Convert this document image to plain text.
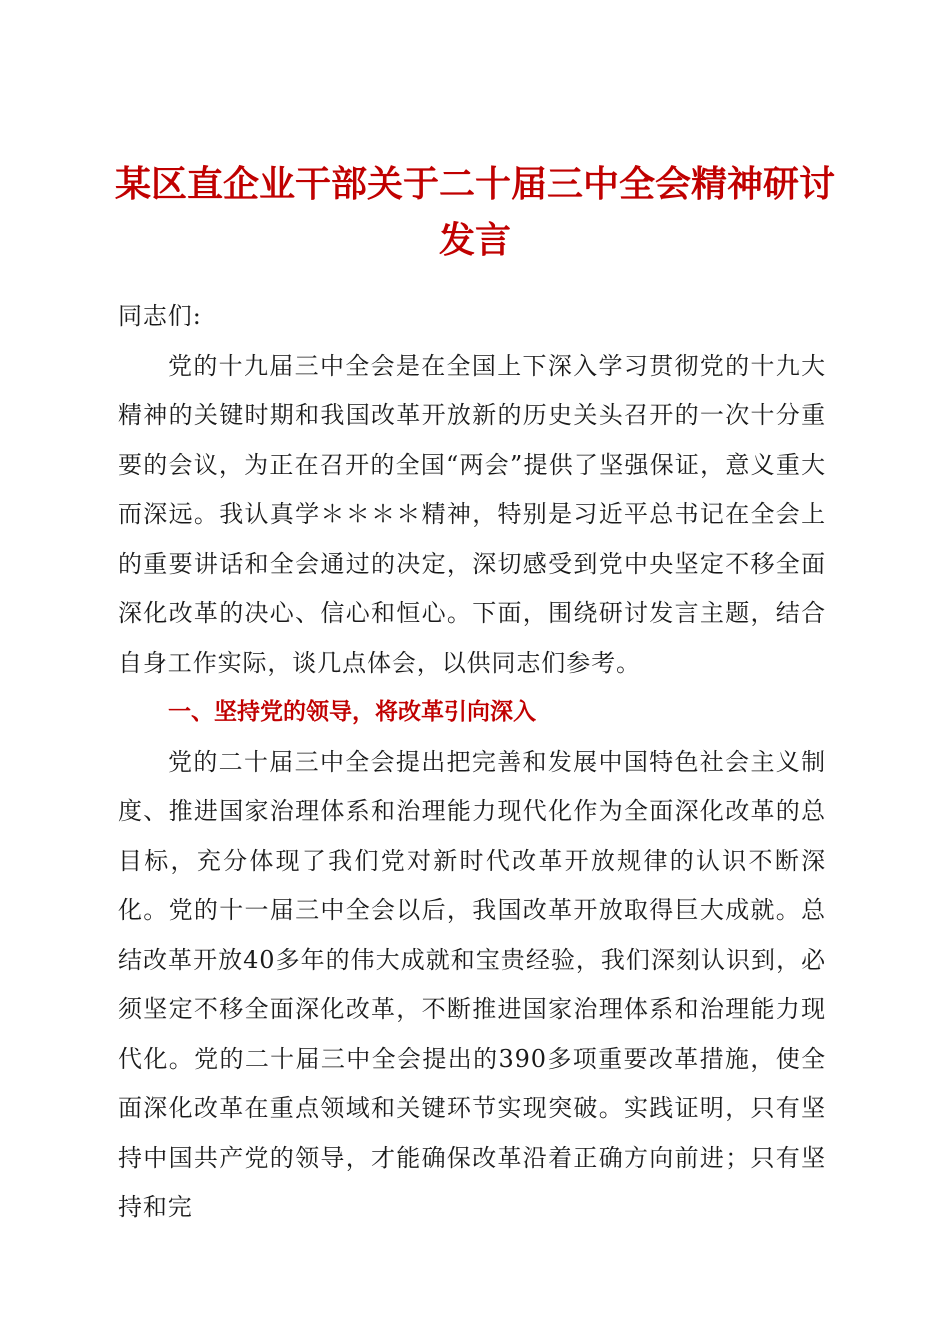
某区直企业干部关于二十届三中全会精神研讨发言

同志们:

党的十九届三中全会是在全国上下深入学习贯彻党的十九大精神的关键时期和我国改革开放新的历史关头召开的一次十分重要的会议，为正在召开的全国“两会”提供了坚强保证，意义重大而深远。我认真学＊＊＊＊精神，特别是习近平总书记在全会上的重要讲话和全会通过的决定，深切感受到党中央坚定不移全面深化改革的决心、信心和恒心。下面，围绕研讨发言主题，结合自身工作实际，谈几点体会，以供同志们参考。

一、坚持党的领导，将改革引向深入

党的二十届三中全会提出把完善和发展中国特色社会主义制度、推进国家治理体系和治理能力现代化作为全面深化改革的总目标，充分体现了我们党对新时代改革开放规律的认识不断深化。党的十一届三中全会以后，我国改革开放取得巨大成就。总结改革开放40多年的伟大成就和宝贵经验，我们深刻认识到，必须坚定不移全面深化改革，不断推进国家治理体系和治理能力现代化。党的二十届三中全会提出的390多项重要改革措施，使全面深化改革在重点领域和关键环节实现突破。实践证明，只有坚持中国共产党的领导，才能确保改革沿着正确方向前进；只有坚持和完
